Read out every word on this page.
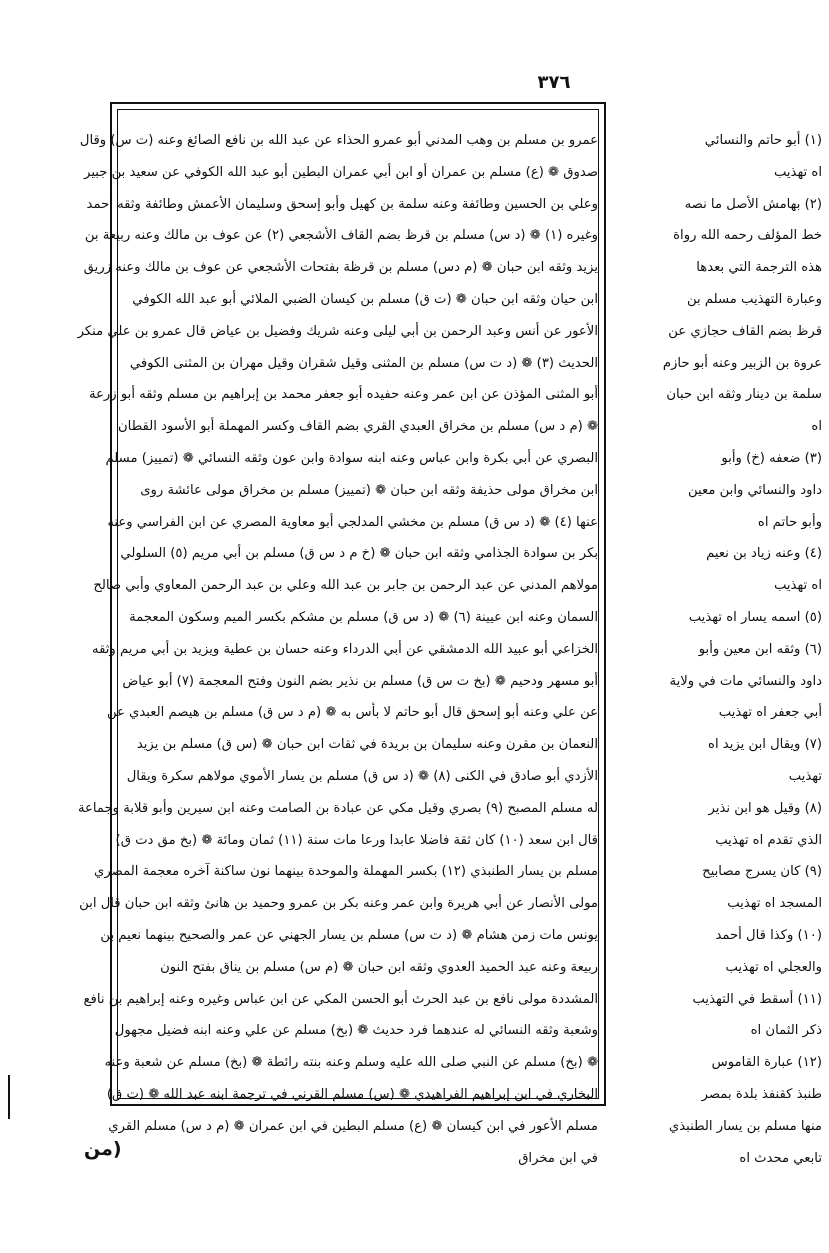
٣٧٦
عمرو بن مسلم بن وهب المدني أبو عمرو الحذاء عن عبد الله بن نافع الصائغ وعنه (ت س) وقال
صدوق ❁ (ع) مسلم بن عمران أو ابن أبي عمران البطين أبو عبد الله الكوفي عن سعيد بن جبير
وعلي بن الحسين وطائفة وعنه سلمة بن كهيل وأبو إسحق وسليمان الأعمش وطائفة وثقه أحمد
وغيره (١) ❁ (د س) مسلم بن قرظ بضم القاف الأشجعي (٢) عن عوف بن مالك وعنه ربيعة بن
يزيد وثقه ابن حبان ❁ (م دس) مسلم بن قرظة بفتحات الأشجعي عن عوف بن مالك وعنه زريق
ابن حيان وثقه ابن حبان ❁ (ت ق) مسلم بن كيسان الضبي الملائي أبو عبد الله الكوفي
الأعور عن أنس وعبد الرحمن بن أبي ليلى وعنه شريك وفضيل بن عياض قال عمرو بن علي منكر
الحديث (٣) ❁ (د ت س) مسلم بن المثنى وقيل شقران وقيل مهران بن المثنى الكوفي
أبو المثنى المؤذن عن ابن عمر وعنه حفيده أبو جعفر محمد بن إبراهيم بن مسلم وثقه أبو زرعة
❁ (م د س) مسلم بن مخراق العبدي القري بضم القاف وكسر المهملة أبو الأسود القطان
البصري عن أبي بكرة وابن عباس وعنه ابنه سوادة وابن عون وثقه النسائي ❁ (تمييز) مسلم
ابن مخراق مولى حذيفة وثقه ابن حبان ❁ (تمييز) مسلم بن مخراق مولى عائشة روى
عنها (٤) ❁ (د س ق) مسلم بن مخشي المدلجي أبو معاوية المصري عن ابن الفراسي وعنه
بكر بن سوادة الجذامي وثقه ابن حبان ❁ (خ م د س ق) مسلم بن أبي مريم (٥) السلولي
مولاهم المدني عن عبد الرحمن بن جابر بن عبد الله وعلي بن عبد الرحمن المعاوي وأبي صالح
السمان وعنه ابن عيينة (٦) ❁ (د س ق) مسلم بن مشكم بكسر الميم وسكون المعجمة
الخزاعي أبو عبيد الله الدمشقي عن أبي الدرداء وعنه حسان بن عطية ويزيد بن أبي مريم وثقه
أبو مسهر ودحيم ❁ (بخ ت س ق) مسلم بن نذير بضم النون وفتح المعجمة (٧) أبو عياض
عن علي وعنه أبو إسحق قال أبو حاتم لا بأس به ❁ (م د س ق) مسلم بن هيصم العبدي عن
النعمان بن مقرن وعنه سليمان بن بريدة في ثقات ابن حبان ❁ (س ق) مسلم بن يزيد
الأزدي أبو صادق في الكنى (٨) ❁ (د س ق) مسلم بن يسار الأموي مولاهم سكرة ويقال
له مسلم المصبح (٩) بصري وقيل مكي عن عبادة بن الصامت وعنه ابن سيرين وأبو قلابة وجماعة
قال ابن سعد (١٠) كان ثقة فاضلا عابدا ورعا مات سنة (١١) ثمان ومائة ❁ (بخ مق دت ق)
مسلم بن يسار الطنبذي (١٢) بكسر المهملة والموحدة بينهما نون ساكنة آخره معجمة المصري
مولى الأنصار عن أبي هريرة وابن عمر وعنه بكر بن عمرو وحميد بن هانئ وثقه ابن حبان قال ابن
يونس مات زمن هشام ❁ (د ت س) مسلم بن يسار الجهني عن عمر والصحيح بينهما نعيم بن
ربيعة وعنه عبد الحميد العدوي وثقه ابن حبان ❁ (م س) مسلم بن يناق بفتح النون
المشددة مولى نافع بن عبد الحرث أبو الحسن المكي عن ابن عباس وغيره وعنه إبراهيم بن نافع
وشعبة وثقه النسائي له عندهما فرد حديث ❁ (بخ) مسلم عن علي وعنه ابنه فضيل مجهول
❁ (بخ) مسلم عن النبي صلى الله عليه وسلم وعنه بنته رائطة ❁ (بخ) مسلم عن شعبة وعنه
البخاري في ابن إبراهيم الفراهيدي ❁ (س) مسلم القرني في ترجمة ابنه عبد الله ❁ (ت ق)
مسلم الأعور في ابن كيسان ❁ (ع) مسلم البطين في ابن عمران ❁ (م د س) مسلم القري
في ابن مخراق
(١) أبو حاتم والنسائي
اه تهذيب
(٢) بهامش الأصل ما نصه
خط المؤلف رحمه الله رواة
هذه الترجمة التي بعدها
وعبارة التهذيب مسلم بن
قرظ بضم القاف حجازي عن
عروة بن الزبير وعنه أبو حازم
سلمة بن دينار وثقه ابن حبان
اه
(٣) ضعفه (خ) وأبو
داود والنسائي وابن معين
وأبو حاتم اه
(٤) وعنه زياد بن نعيم
اه تهذيب
(٥) اسمه يسار اه تهذيب
(٦) وثقه ابن معين وأبو
داود والنسائي مات في ولاية
أبي جعفر اه تهذيب
(٧) ويقال ابن يزيد اه
تهذيب
(٨) وقيل هو ابن نذير
الذي تقدم اه تهذيب
(٩) كان يسرج مصابيح
المسجد اه تهذيب
(١٠) وكذا قال أحمد
والعجلي اه تهذيب
(١١) أسقط في التهذيب
ذكر الثمان اه
(١٢) عبارة القاموس
طنبذ كقنفذ بلدة بمصر
منها مسلم بن يسار الطنبذي
تابعي محدث اه
(من
